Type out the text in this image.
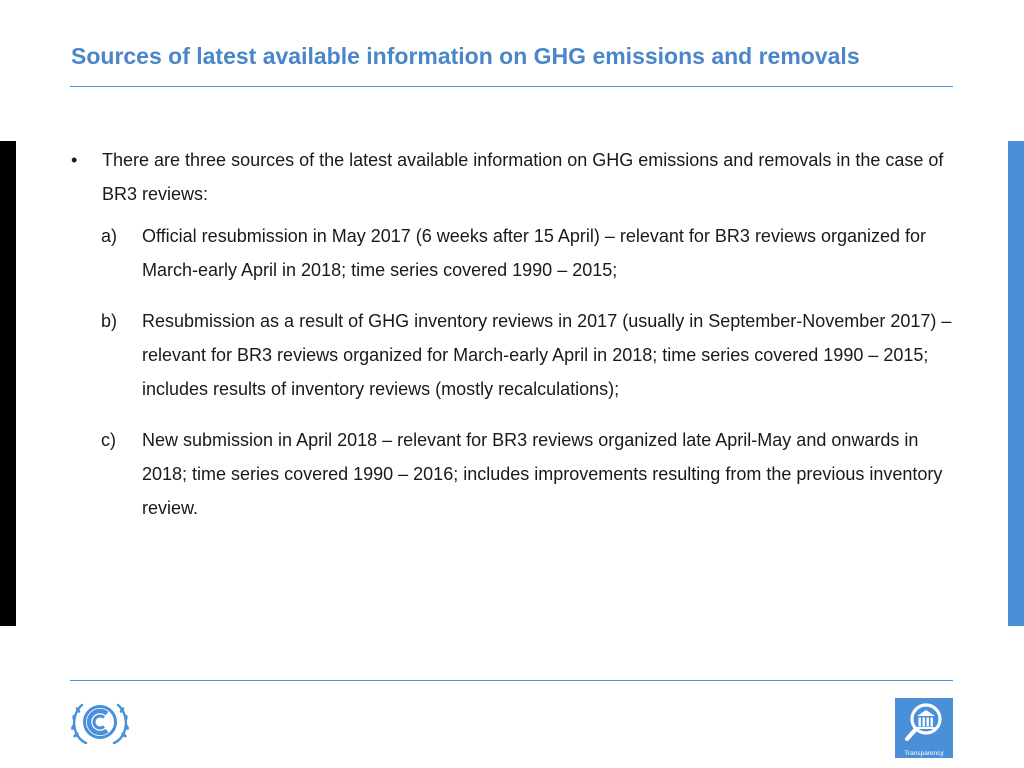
Sources of latest available information on GHG emissions and removals

• There are three sources of the latest available information on GHG emissions and removals in the case of BR3 reviews:

a) Official resubmission in May 2017 (6 weeks after 15 April) – relevant for BR3 reviews organized for March-early April in 2018; time series covered 1990 – 2015;
b) Resubmission as a result of GHG inventory reviews in 2017 (usually in September-November 2017) – relevant for BR3 reviews organized for March-early April in 2018; time series covered 1990 – 2015; includes results of inventory reviews (mostly recalculations);
c) New submission in April 2018 – relevant for BR3 reviews organized late April-May and onwards in 2018; time series covered 1990 – 2016; includes improvements resulting from the previous inventory review.
Transparency
